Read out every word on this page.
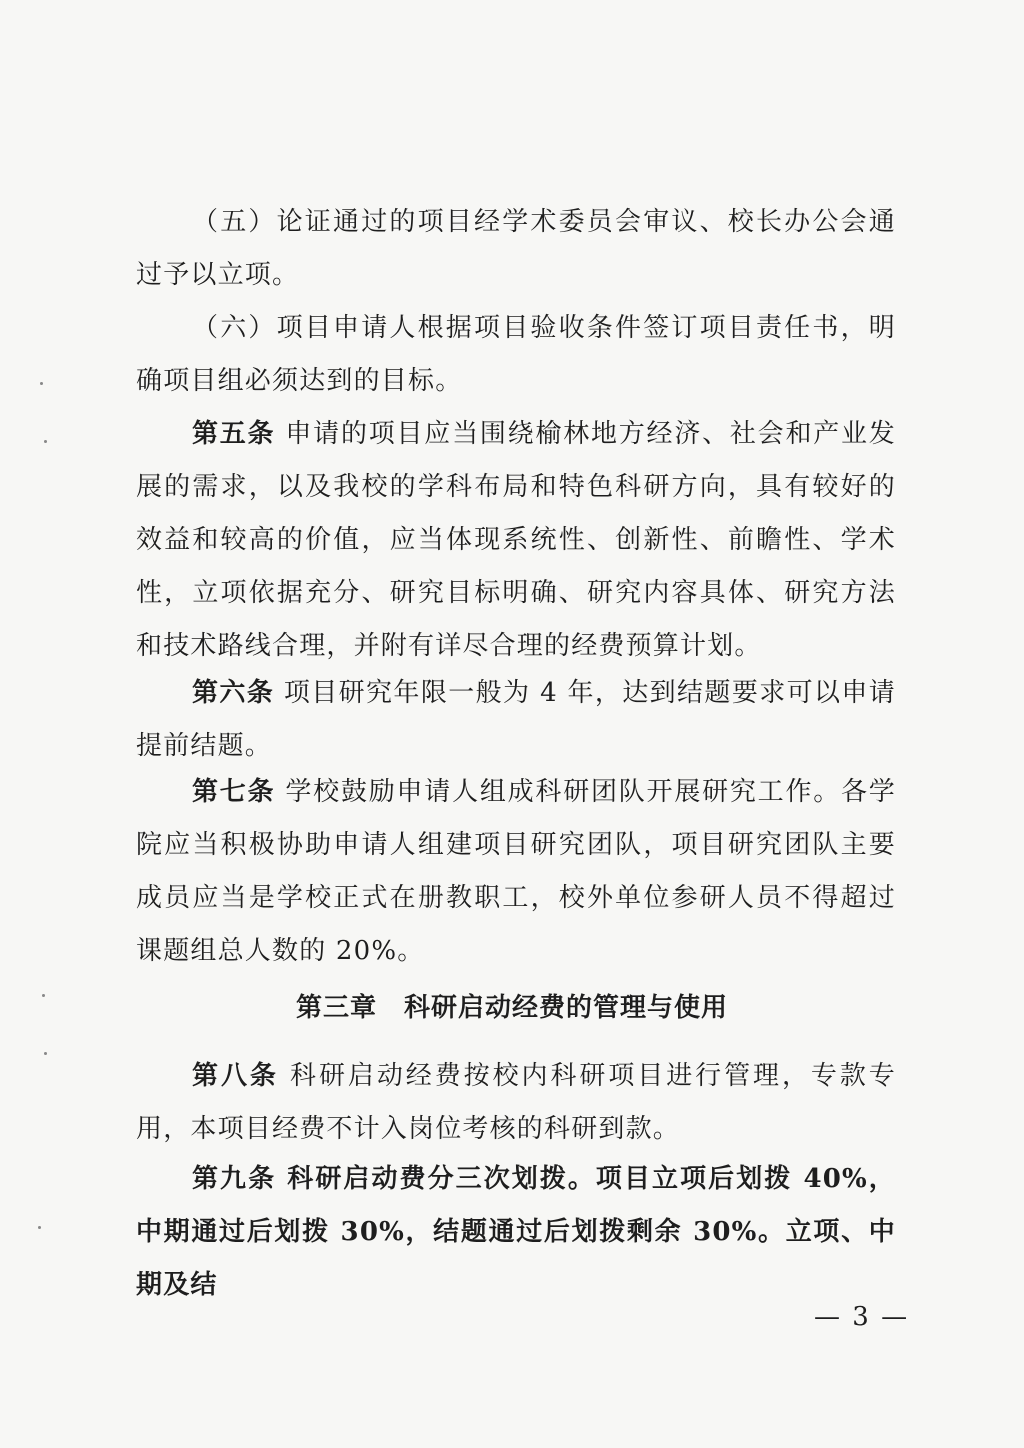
（五）论证通过的项目经学术委员会审议、校长办公会通过予以立项。

（六）项目申请人根据项目验收条件签订项目责任书，明确项目组必须达到的目标。

第五条 申请的项目应当围绕榆林地方经济、社会和产业发展的需求，以及我校的学科布局和特色科研方向，具有较好的效益和较高的价值，应当体现系统性、创新性、前瞻性、学术性，立项依据充分、研究目标明确、研究内容具体、研究方法和技术路线合理，并附有详尽合理的经费预算计划。

第六条 项目研究年限一般为 4 年，达到结题要求可以申请提前结题。

第七条 学校鼓励申请人组成科研团队开展研究工作。各学院应当积极协助申请人组建项目研究团队，项目研究团队主要成员应当是学校正式在册教职工，校外单位参研人员不得超过课题组总人数的 20%。

第三章　科研启动经费的管理与使用

第八条 科研启动经费按校内科研项目进行管理，专款专用，本项目经费不计入岗位考核的科研到款。

第九条 科研启动费分三次划拨。项目立项后划拨 40%，中期通过后划拨 30%，结题通过后划拨剩余 30%。立项、中期及结

— 3 —
